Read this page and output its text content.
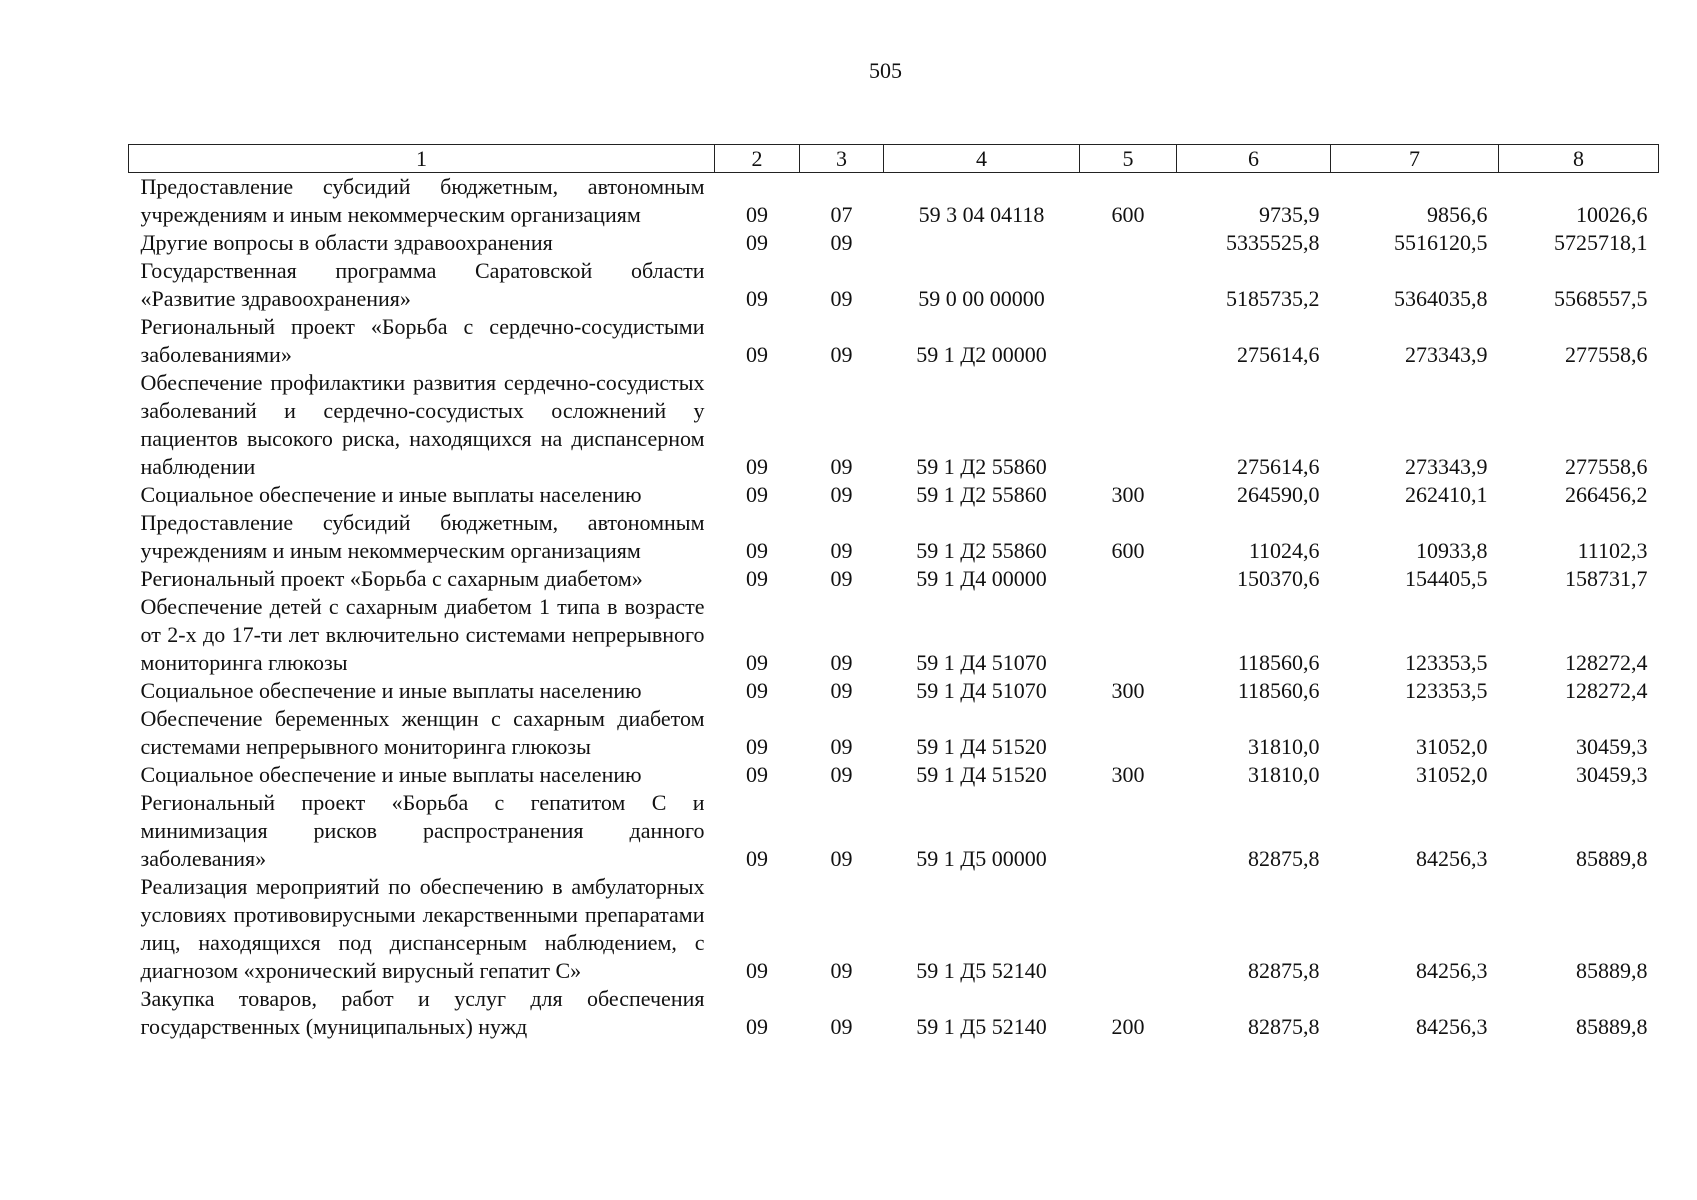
505
1	2	3	4	5	6	7	8
Предоставление субсидий бюджетным, автономным учреждениям и иным некоммерческим организациям	09	07	59 3 04 04118	600	9735,9	9856,6	10026,6
Другие вопросы в области здравоохранения	09	09			5335525,8	5516120,5	5725718,1
Государственная программа Саратовской области «Развитие здравоохранения»	09	09	59 0 00 00000		5185735,2	5364035,8	5568557,5
Региональный проект «Борьба с сердечно-сосудистыми заболеваниями»	09	09	59 1 Д2 00000		275614,6	273343,9	277558,6
Обеспечение профилактики развития сердечно-сосудистых заболеваний и сердечно-сосудистых осложнений у пациентов высокого риска, находящихся на диспансерном наблюдении	09	09	59 1 Д2 55860		275614,6	273343,9	277558,6
Социальное обеспечение и иные выплаты населению	09	09	59 1 Д2 55860	300	264590,0	262410,1	266456,2
Предоставление субсидий бюджетным, автономным учреждениям и иным некоммерческим организациям	09	09	59 1 Д2 55860	600	11024,6	10933,8	11102,3
Региональный проект «Борьба с сахарным диабетом»	09	09	59 1 Д4 00000		150370,6	154405,5	158731,7
Обеспечение детей с сахарным диабетом 1 типа в возрасте от 2-х до 17-ти лет включительно системами непрерывного мониторинга глюкозы	09	09	59 1 Д4 51070		118560,6	123353,5	128272,4
Социальное обеспечение и иные выплаты населению	09	09	59 1 Д4 51070	300	118560,6	123353,5	128272,4
Обеспечение беременных женщин с сахарным диабетом системами непрерывного мониторинга глюкозы	09	09	59 1 Д4 51520		31810,0	31052,0	30459,3
Социальное обеспечение и иные выплаты населению	09	09	59 1 Д4 51520	300	31810,0	31052,0	30459,3
Региональный проект «Борьба с гепатитом С и минимизация рисков распространения данного заболевания»	09	09	59 1 Д5 00000		82875,8	84256,3	85889,8
Реализация мероприятий по обеспечению в амбулаторных условиях противовирусными лекарственными препаратами лиц, находящихся под диспансерным наблюдением, с диагнозом «хронический вирусный гепатит С»	09	09	59 1 Д5 52140		82875,8	84256,3	85889,8
Закупка товаров, работ и услуг для обеспечения государственных (муниципальных) нужд	09	09	59 1 Д5 52140	200	82875,8	84256,3	85889,8
